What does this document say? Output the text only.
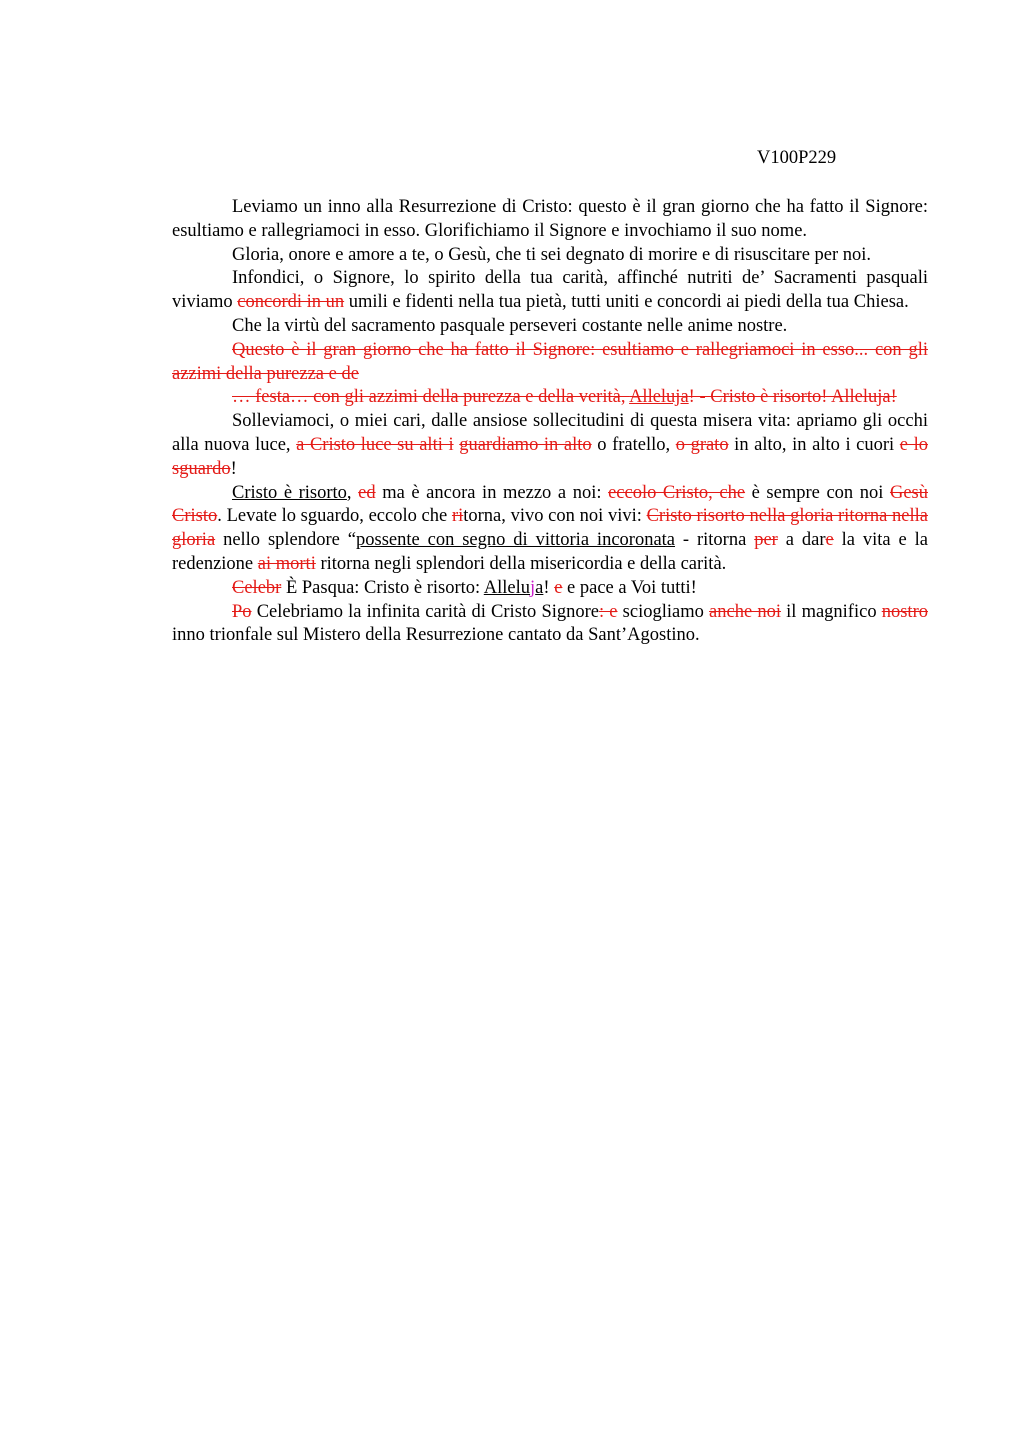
V100P229

Leviamo un inno alla Resurrezione di Cristo: questo è il gran giorno che ha fatto il Signore: esultiamo e rallegriamoci in esso. Glorifichiamo il Signore e invochiamo il suo nome.

Gloria, onore e amore a te, o Gesù, che ti sei degnato di morire e di risuscitare per noi.

Infondici, o Signore, lo spirito della tua carità, affinché nutriti de’ Sacramenti pasquali viviamo concordi in un umili e fidenti nella tua pietà, tutti uniti e concordi ai piedi della tua Chiesa.

Che la virtù del sacramento pasquale perseveri costante nelle anime nostre.

Questo è il gran giorno che ha fatto il Signore: esultiamo e rallegriamoci in esso... con gli azzimi della purezza e de

… festa… con gli azzimi della purezza e della verità, Alleluja! - Cristo è risorto! Alleluja!

Solleviamoci, o miei cari, dalle ansiose sollecitudini di questa misera vita: apriamo gli occhi alla nuova luce, a Cristo luce su alti i guardiamo in alto o fratello, o grato in alto, in alto i cuori e lo sguardo!

Cristo è risorto, ed ma è ancora in mezzo a noi: eccolo Cristo, che è sempre con noi Gesù Cristo. Levate lo sguardo, eccolo che ritorna, vivo con noi vivi: Cristo risorto nella gloria ritorna nella gloria nello splendore “possente con segno di vittoria incoronata - ritorna per a dare la vita e la redenzione ai morti ritorna negli splendori della misericordia e della carità.

Celebr È Pasqua: Cristo è risorto: Alleluja! e e pace a Voi tutti!

Po Celebriamo la infinita carità di Cristo Signore: e sciogliamo anche noi il magnifico nostro inno trionfale sul Mistero della Resurrezione cantato da Sant’Agostino.
